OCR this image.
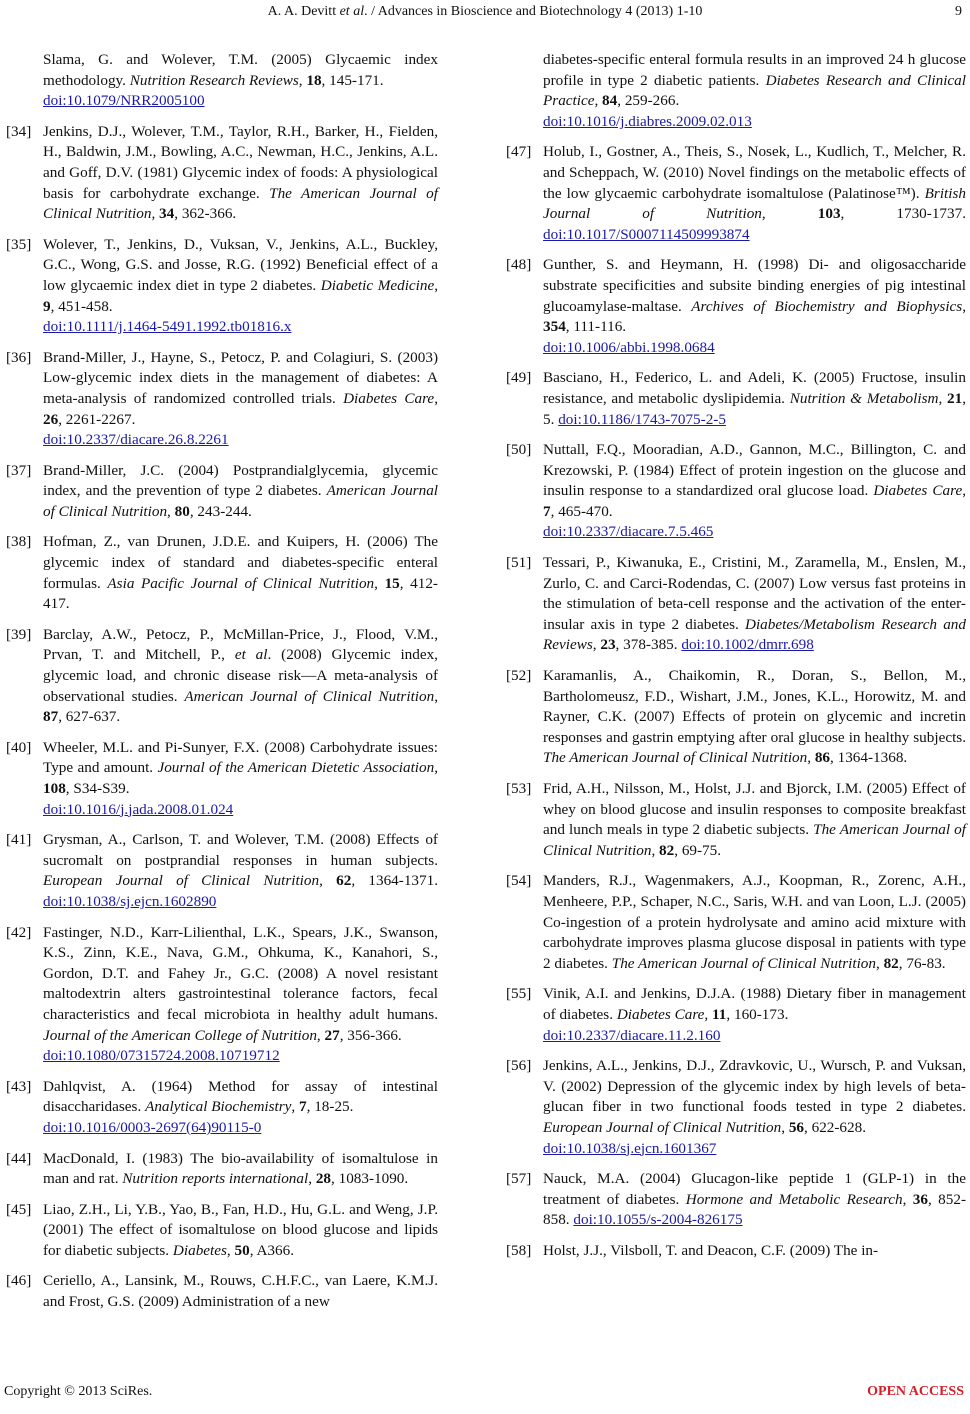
A. A. Devitt et al. / Advances in Bioscience and Biotechnology 4 (2013) 1-10	9
Slama, G. and Wolever, T.M. (2005) Glycaemic index methodology. Nutrition Research Reviews, 18, 145-171.
doi:10.1079/NRR2005100
[34] Jenkins, D.J., Wolever, T.M., Taylor, R.H., Barker, H., Fielden, H., Baldwin, J.M., Bowling, A.C., Newman, H.C., Jenkins, A.L. and Goff, D.V. (1981) Glycemic index of foods: A physiological basis for carbohydrate exchange. The American Journal of Clinical Nutrition, 34, 362-366.
[35] Wolever, T., Jenkins, D., Vuksan, V., Jenkins, A.L., Buckley, G.C., Wong, G.S. and Josse, R.G. (1992) Beneficial effect of a low glycaemic index diet in type 2 diabetes. Diabetic Medicine, 9, 451-458.
doi:10.1111/j.1464-5491.1992.tb01816.x
[36] Brand-Miller, J., Hayne, S., Petocz, P. and Colagiuri, S. (2003) Low-glycemic index diets in the management of diabetes: A meta-analysis of randomized controlled trials. Diabetes Care, 26, 2261-2267.
doi:10.2337/diacare.26.8.2261
[37] Brand-Miller, J.C. (2004) Postprandialglycemia, glycemic index, and the prevention of type 2 diabetes. American Journal of Clinical Nutrition, 80, 243-244.
[38] Hofman, Z., van Drunen, J.D.E. and Kuipers, H. (2006) The glycemic index of standard and diabetes-specific enteral formulas. Asia Pacific Journal of Clinical Nutrition, 15, 412-417.
[39] Barclay, A.W., Petocz, P., McMillan-Price, J., Flood, V.M., Prvan, T. and Mitchell, P., et al. (2008) Glycemic index, glycemic load, and chronic disease risk—A meta-analysis of observational studies. American Journal of Clinical Nutrition, 87, 627-637.
[40] Wheeler, M.L. and Pi-Sunyer, F.X. (2008) Carbohydrate issues: Type and amount. Journal of the American Dietetic Association, 108, S34-S39.
doi:10.1016/j.jada.2008.01.024
[41] Grysman, A., Carlson, T. and Wolever, T.M. (2008) Effects of sucromalt on postprandial responses in human subjects. European Journal of Clinical Nutrition, 62, 1364-1371. doi:10.1038/sj.ejcn.1602890
[42] Fastinger, N.D., Karr-Lilienthal, L.K., Spears, J.K., Swanson, K.S., Zinn, K.E., Nava, G.M., Ohkuma, K., Kanahori, S., Gordon, D.T. and Fahey Jr., G.C. (2008) A novel resistant maltodextrin alters gastrointestinal tolerance factors, fecal characteristics and fecal microbiota in healthy adult humans. Journal of the American College of Nutrition, 27, 356-366.
doi:10.1080/07315724.2008.10719712
[43] Dahlqvist, A. (1964) Method for assay of intestinal disaccharidases. Analytical Biochemistry, 7, 18-25.
doi:10.1016/0003-2697(64)90115-0
[44] MacDonald, I. (1983) The bio-availability of isomaltulose in man and rat. Nutrition reports international, 28, 1083-1090.
[45] Liao, Z.H., Li, Y.B., Yao, B., Fan, H.D., Hu, G.L. and Weng, J.P. (2001) The effect of isomaltulose on blood glucose and lipids for diabetic subjects. Diabetes, 50, A366.
[46] Ceriello, A., Lansink, M., Rouws, C.H.F.C., van Laere, K.M.J. and Frost, G.S. (2009) Administration of a new
diabetes-specific enteral formula results in an improved 24 h glucose profile in type 2 diabetic patients. Diabetes Research and Clinical Practice, 84, 259-266.
doi:10.1016/j.diabres.2009.02.013
[47] Holub, I., Gostner, A., Theis, S., Nosek, L., Kudlich, T., Melcher, R. and Scheppach, W. (2010) Novel findings on the metabolic effects of the low glycaemic carbohydrate isomaltulose (Palatinose™). British Journal of Nutrition, 103, 1730-1737. doi:10.1017/S0007114509993874
[48] Gunther, S. and Heymann, H. (1998) Di- and oligosaccharide substrate specificities and subsite binding energies of pig intestinal glucoamylase-maltase. Archives of Biochemistry and Biophysics, 354, 111-116.
doi:10.1006/abbi.1998.0684
[49] Basciano, H., Federico, L. and Adeli, K. (2005) Fructose, insulin resistance, and metabolic dyslipidemia. Nutrition & Metabolism, 21, 5. doi:10.1186/1743-7075-2-5
[50] Nuttall, F.Q., Mooradian, A.D., Gannon, M.C., Billington, C. and Krezowski, P. (1984) Effect of protein ingestion on the glucose and insulin response to a standardized oral glucose load. Diabetes Care, 7, 465-470.
doi:10.2337/diacare.7.5.465
[51] Tessari, P., Kiwanuka, E., Cristini, M., Zaramella, M., Enslen, M., Zurlo, C. and Carci-Rodendas, C. (2007) Low versus fast proteins in the stimulation of beta-cell response and the activation of the enter-insular axis in type 2 diabetes. Diabetes/Metabolism Research and Reviews, 23, 378-385. doi:10.1002/dmrr.698
[52] Karamanlis, A., Chaikomin, R., Doran, S., Bellon, M., Bartholomeusz, F.D., Wishart, J.M., Jones, K.L., Horowitz, M. and Rayner, C.K. (2007) Effects of protein on glycemic and incretin responses and gastrin emptying after oral glucose in healthy subjects. The American Journal of Clinical Nutrition, 86, 1364-1368.
[53] Frid, A.H., Nilsson, M., Holst, J.J. and Bjorck, I.M. (2005) Effect of whey on blood glucose and insulin responses to composite breakfast and lunch meals in type 2 diabetic subjects. The American Journal of Clinical Nutrition, 82, 69-75.
[54] Manders, R.J., Wagenmakers, A.J., Koopman, R., Zorenc, A.H., Menheere, P.P., Schaper, N.C., Saris, W.H. and van Loon, L.J. (2005) Co-ingestion of a protein hydrolysate and amino acid mixture with carbohydrate improves plasma glucose disposal in patients with type 2 diabetes. The American Journal of Clinical Nutrition, 82, 76-83.
[55] Vinik, A.I. and Jenkins, D.J.A. (1988) Dietary fiber in management of diabetes. Diabetes Care, 11, 160-173.
doi:10.2337/diacare.11.2.160
[56] Jenkins, A.L., Jenkins, D.J., Zdravkovic, U., Wursch, P. and Vuksan, V. (2002) Depression of the glycemic index by high levels of beta-glucan fiber in two functional foods tested in type 2 diabetes. European Journal of Clinical Nutrition, 56, 622-628.
doi:10.1038/sj.ejcn.1601367
[57] Nauck, M.A. (2004) Glucagon-like peptide 1 (GLP-1) in the treatment of diabetes. Hormone and Metabolic Research, 36, 852-858. doi:10.1055/s-2004-826175
[58] Holst, J.J., Vilsboll, T. and Deacon, C.F. (2009) The in-
Copyright © 2013 SciRes.	OPEN ACCESS
